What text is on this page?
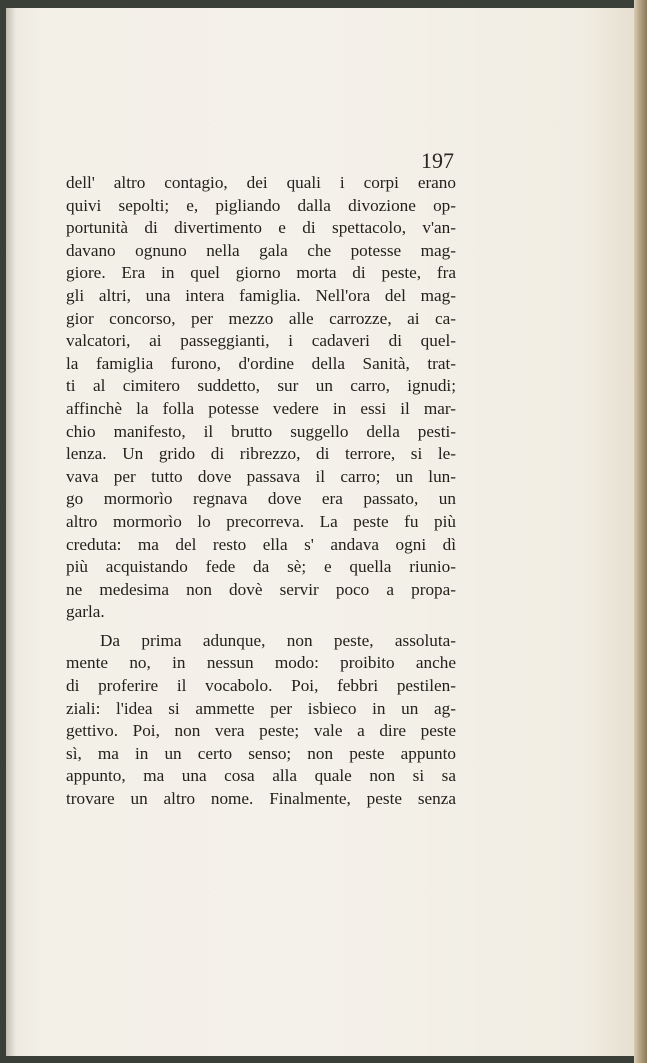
197

dell' altro contagio, dei quali i corpi erano
quivi sepolti; e, pigliando dalla divozione op-
portunità di divertimento e di spettacolo, v'an-
davano ognuno nella gala che potesse mag-
giore. Era in quel giorno morta di peste, fra
gli altri, una intera famiglia. Nell'ora del mag-
gior concorso, per mezzo alle carrozze, ai ca-
valcatori, ai passeggianti, i cadaveri di quel-
la famiglia furono, d'ordine della Sanità, trat-
ti al cimitero suddetto, sur un carro, ignudi;
affinchè la folla potesse vedere in essi il mar-
chio manifesto, il brutto suggello della pesti-
lenza. Un grido di ribrezzo, di terrore, si le-
vava per tutto dove passava il carro; un lun-
go mormorìo regnava dove era passato, un
altro mormorìo lo precorreva. La peste fu più
creduta: ma del resto ella s' andava ogni dì
più acquistando fede da sè; e quella riunio-
ne medesima non dovè servir poco a propa-
garla.
Da prima adunque, non peste, assoluta-
mente no, in nessun modo: proibito anche
di proferire il vocabolo. Poi, febbri pestilen-
ziali: l'idea si ammette per isbieco in un ag-
gettivo. Poi, non vera peste; vale a dire peste
sì, ma in un certo senso; non peste appunto
appunto, ma una cosa alla quale non si sa
trovare un altro nome. Finalmente, peste senza
